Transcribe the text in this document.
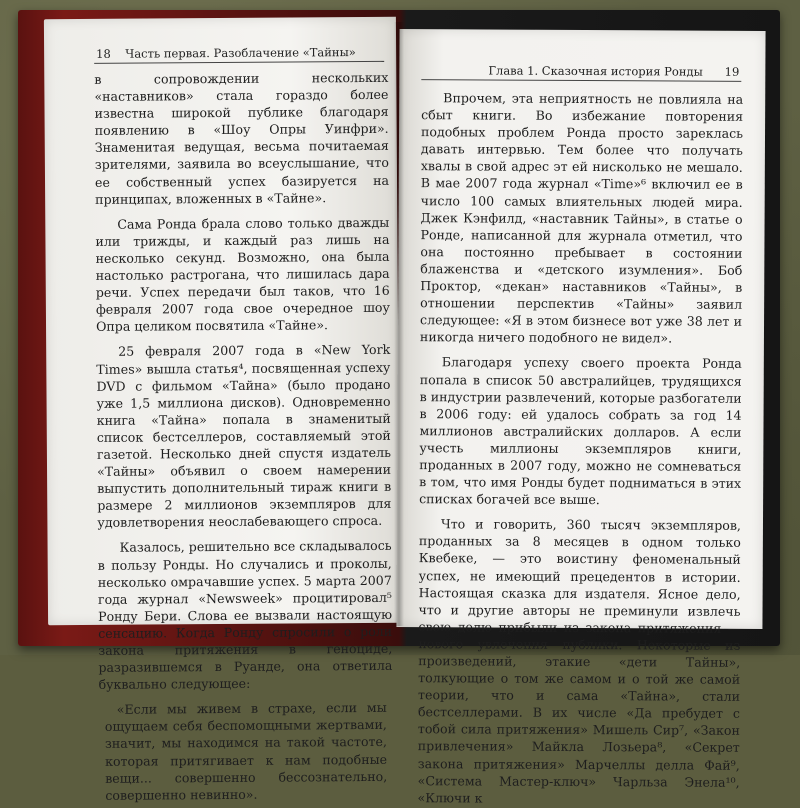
18 Часть первая. Разоблачение «Тайны»

в сопровождении нескольких «наставников» стала гораздо более известна широкой публике благодаря появлению в «Шоу Опры Уинфри». Знаменитая ведущая, весьма почитаемая зрителями, заявила во всеуслышание, что ее собственный успех базируется на принципах, вложенных в «Тайне».

Сама Ронда брала слово только дважды или трижды, и каждый раз лишь на несколько секунд. Возможно, она была настолько растрогана, что лишилась дара речи. Успех передачи был таков, что 16 февраля 2007 года свое очередное шоу Опра целиком посвятила «Тайне».

25 февраля 2007 года в «New York Times» вышла статья⁴, посвященная успеху DVD с фильмом «Тайна» (было продано уже 1,5 миллиона дисков). Одновременно книга «Тайна» попала в знаменитый список бестселлеров, составляемый этой газетой. Несколько дней спустя издатель «Тайны» объявил о своем намерении выпустить дополнительный тираж книги в размере 2 миллионов экземпляров для удовлетворения неослабевающего спроса.

Казалось, решительно все складывалось в пользу Ронды. Но случались и проколы, несколько омрачавшие успех. 5 марта 2007 года журнал «Newsweek» процитировал⁵ Ронду Бери. Слова ее вызвали настоящую сенсацию. Когда Ронду спросили о роли закона притяжения в геноциде, разразившемся в Руанде, она ответила буквально следующее:

«Если мы живем в страхе, если мы ощущаем себя беспомощными жертвами, значит, мы находимся на такой частоте, которая притягивает к нам подобные вещи... совершенно бессознательно, совершенно невинно».

Глава 1. Сказочная история Ронды 19

Впрочем, эта неприятность не повлияла на сбыт книги. Во избежание повторения подобных проблем Ронда просто зареклась давать интервью. Тем более что получать хвалы в свой адрес эт ей нисколько не мешало. В мае 2007 года журнал «Time»⁶ включил ее в число 100 самых влиятельных людей мира. Джек Кэнфилд, «наставник Тайны», в статье о Ронде, написанной для журнала отметил, что она постоянно пребывает в состоянии блаженства и «детского изумления». Боб Проктор, «декан» наставников «Тайны», в отношении перспектив «Тайны» заявил следующее: «Я в этом бизнесе вот уже 38 лет и никогда ничего подобного не видел».

Благодаря успеху своего проекта Ронда попала в список 50 австралийцев, трудящихся в индустрии развлечений, которые разбогатели в 2006 году: ей удалось собрать за год 14 миллионов австралийских долларов. А если учесть миллионы экземпляров книги, проданных в 2007 году, можно не сомневаться в том, что имя Ронды будет подниматься в этих списках богачей все выше.

Что и говорить, 360 тысяч экземпляров, проданных за 8 месяцев в одном только Квебеке, — это воистину феноменальный успех, не имеющий прецедентов в истории. Настоящая сказка для издателя. Ясное дело, что и другие авторы не преминули извлечь свою долю прибыли из закона притяжения — нового увлечения публики. Некоторые из произведений, этакие «дети Тайны», толкующие о том же самом и о той же самой теории, что и сама «Тайна», стали бестселлерами. В их числе «Да пребудет с тобой сила притяжения» Мишель Сир⁷, «Закон привлечения» Майкла Лозьера⁸, «Секрет закона притяжения» Марчеллы делла Фай⁹, «Система Мастер-ключ» Чарльза Энела¹⁰, «Ключи к
